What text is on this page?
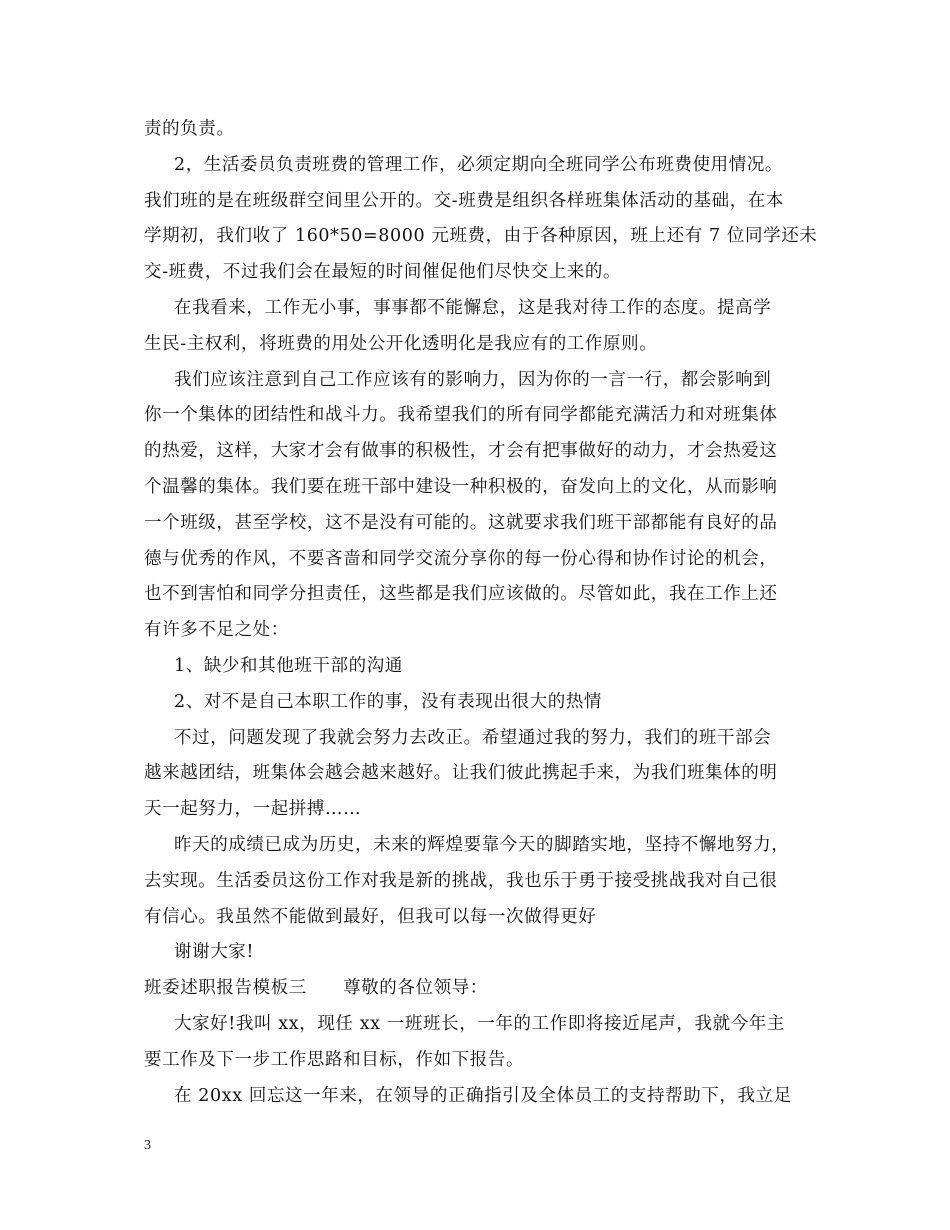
责的负责。
2，生活委员负责班费的管理工作，必须定期向全班同学公布班费使用情况。
我们班的是在班级群空间里公开的。交-班费是组织各样班集体活动的基础，在本
学期初，我们收了 160*50=8000 元班费，由于各种原因，班上还有 7 位同学还未
交-班费，不过我们会在最短的时间催促他们尽快交上来的。
在我看来，工作无小事，事事都不能懈怠，这是我对待工作的态度。提高学
生民-主权利，将班费的用处公开化透明化是我应有的工作原则。
我们应该注意到自己工作应该有的影响力，因为你的一言一行，都会影响到
你一个集体的团结性和战斗力。我希望我们的所有同学都能充满活力和对班集体
的热爱，这样，大家才会有做事的积极性，才会有把事做好的动力，才会热爱这
个温馨的集体。我们要在班干部中建设一种积极的，奋发向上的文化，从而影响
一个班级，甚至学校，这不是没有可能的。这就要求我们班干部都能有良好的品
德与优秀的作风，不要吝啬和同学交流分享你的每一份心得和协作讨论的机会，
也不到害怕和同学分担责任，这些都是我们应该做的。尽管如此，我在工作上还
有许多不足之处：
1、缺少和其他班干部的沟通
2、对不是自己本职工作的事，没有表现出很大的热情
不过，问题发现了我就会努力去改正。希望通过我的努力，我们的班干部会
越来越团结，班集体会越会越来越好。让我们彼此携起手来，为我们班集体的明
天一起努力，一起拼搏……
昨天的成绩已成为历史，未来的辉煌要靠今天的脚踏实地，坚持不懈地努力，
去实现。生活委员这份工作对我是新的挑战，我也乐于勇于接受挑战我对自己很
有信心。我虽然不能做到最好，但我可以每一次做得更好
谢谢大家!
班委述职报告模板三　　尊敬的各位领导：
大家好!我叫 xx，现任 xx 一班班长，一年的工作即将接近尾声，我就今年主
要工作及下一步工作思路和目标，作如下报告。
在 20xx 回忘这一年来，在领导的正确指引及全体员工的支持帮助下，我立足
3
